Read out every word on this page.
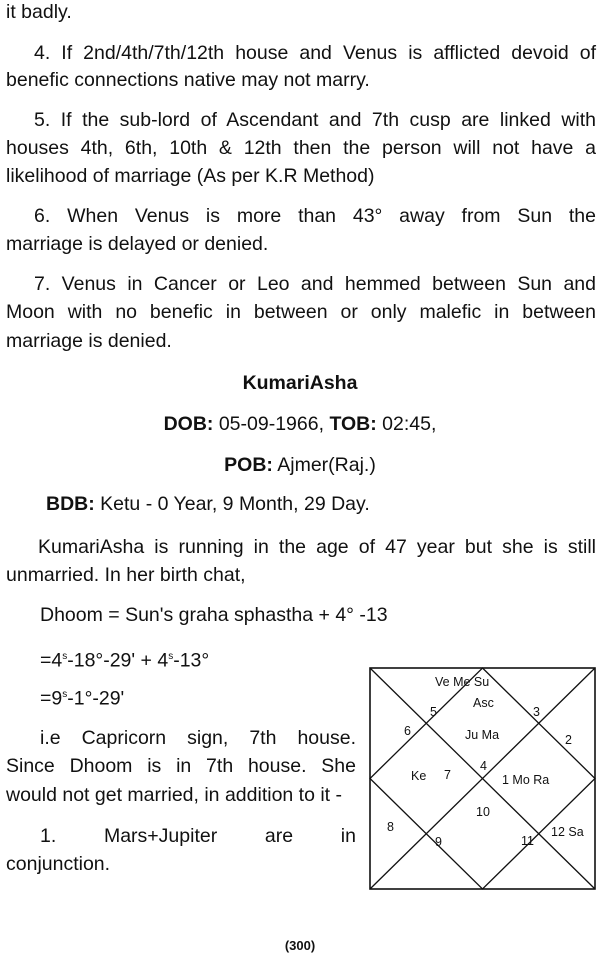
it badly.
4. If 2nd/4th/7th/12th house and Venus is afflicted devoid of
benefic connections native may not marry.
5. If the sub-lord of Ascendant and 7th cusp are linked with
houses 4th, 6th, 10th & 12th then the person will not have a
likelihood of marriage (As per K.R Method)
6. When Venus is more than 43° away from Sun the
marriage is delayed or denied.
7. Venus in Cancer or Leo and hemmed between Sun and
Moon with no benefic in between or only malefic in between
marriage is denied.
KumariAsha
DOB: 05-09-1966, TOB: 02:45,
POB: Ajmer(Raj.)
BDB: Ketu - 0 Year, 9 Month, 29 Day.
KumariAsha is running in the age of 47 year but she is still
unmarried. In her birth chat,
Dhoom = Sun's graha sphastha + 4° -13
$=4^s-18^\circ-29' + 4^s-13^\circ$
$=9^s-1^\circ-29'$
i.e Capricorn sign, 7th house.
Since Dhoom is in 7th house. She
would not get married, in addition to it -
1. Mars+Jupiter are in
conjunction.
Ve Me Su
5
Asc
3
6	Ju Ma	2
Ke 7
4
1 Mo Ra
10
8
9	11
12 Sa
(300)
